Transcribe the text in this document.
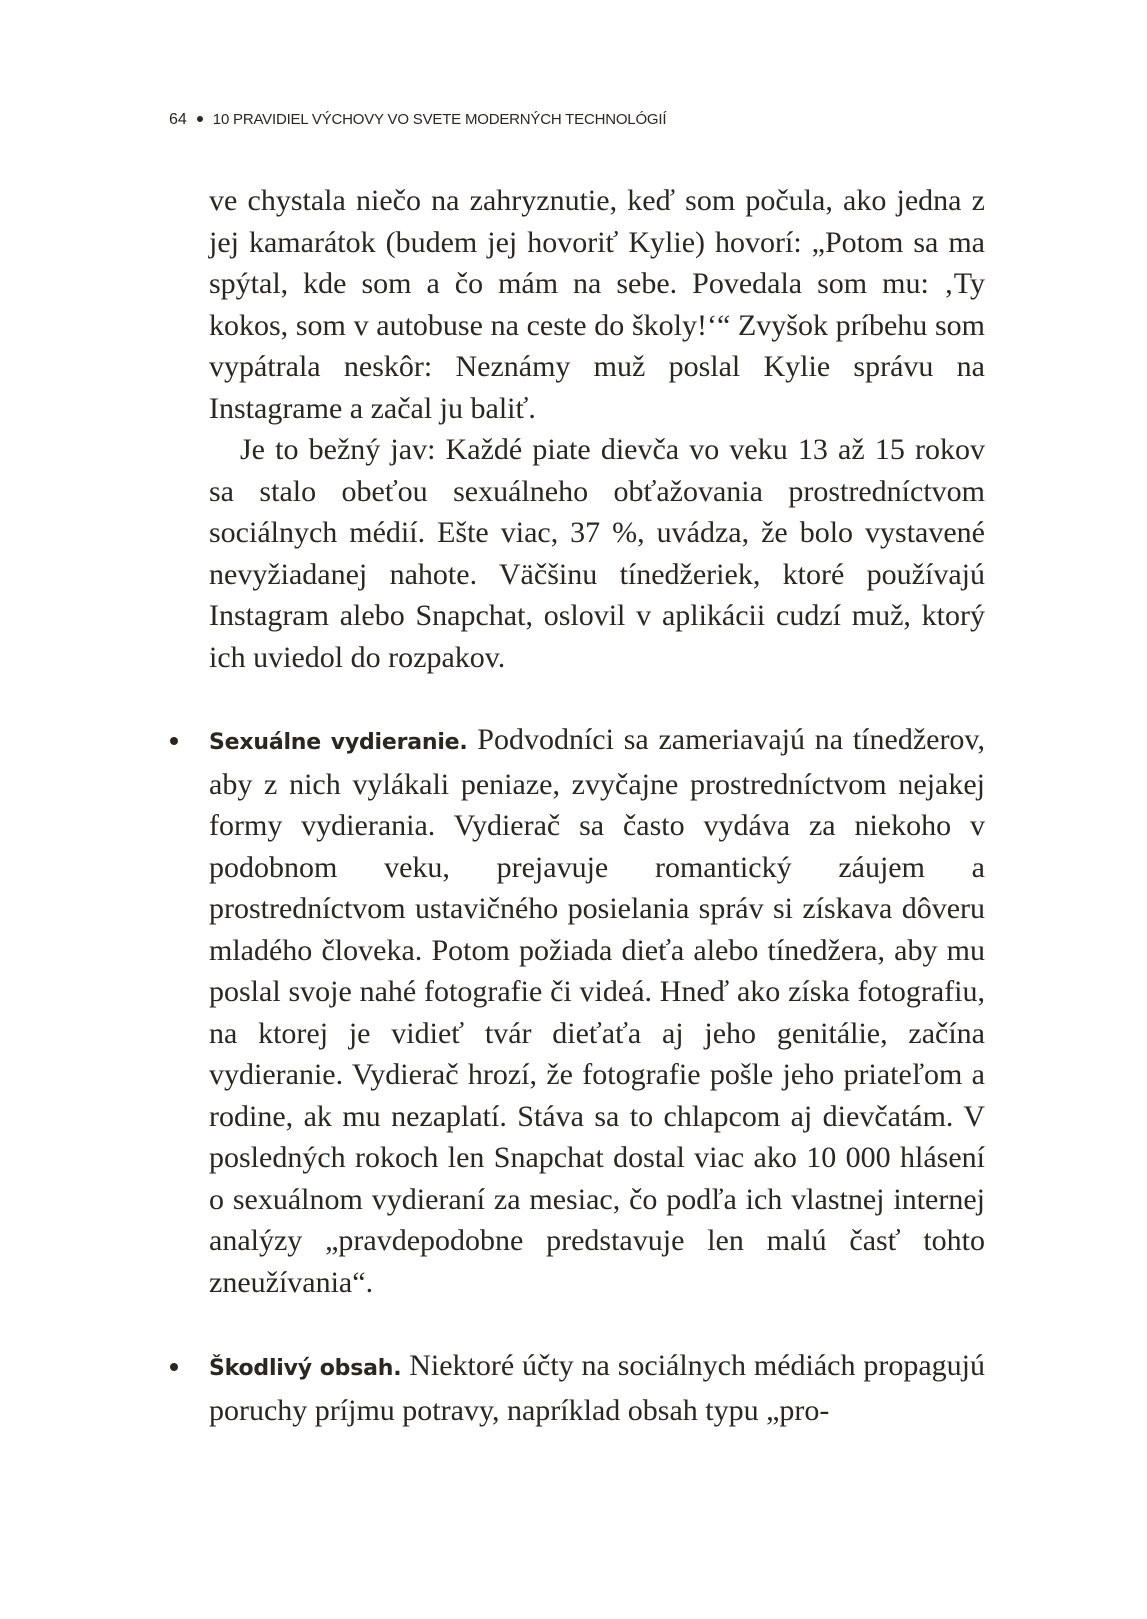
64 10 PRAVIDIEL VÝCHOVY VO SVETE MODERNÝCH TECHNOLÓGIÍ

ve chystala niečo na zahryznutie, keď som počula, ako jedna z jej kamarátok (budem jej hovoriť Kylie) hovorí: „Potom sa ma spýtal, kde som a čo mám na sebe. Povedala som mu: ‚Ty kokos, som v autobuse na ceste do školy!‘“ Zvyšok príbehu som vypátrala neskôr: Neznámy muž poslal Kylie správu na Instagrame a začal ju baliť.

Je to bežný jav: Každé piate dievča vo veku 13 až 15 rokov sa stalo obeťou sexuálneho obťažovania prostredníctvom sociálnych médií. Ešte viac, 37 %, uvádza, že bolo vystavené nevyžiadanej nahote. Väčšinu tínedžeriek, ktoré používajú Instagram alebo Snapchat, oslovil v aplikácii cudzí muž, ktorý ich uviedol do rozpakov.

Sexuálne vydieranie. Podvodníci sa zameriavajú na tínedžerov, aby z nich vylákali peniaze, zvyčajne prostredníctvom nejakej formy vydierania. Vydierač sa často vydáva za niekoho v podobnom veku, prejavuje romantický záujem a prostredníctvom ustavičného posielania správ si získava dôveru mladého človeka. Potom požiada dieťa alebo tínedžera, aby mu poslal svoje nahé fotografie či videá. Hneď ako získa fotografiu, na ktorej je vidieť tvár dieťaťa aj jeho genitálie, začína vydieranie. Vydierač hrozí, že fotografie pošle jeho priateľom a rodine, ak mu nezaplatí. Stáva sa to chlapcom aj dievčatám. V posledných rokoch len Snapchat dostal viac ako 10 000 hlásení o sexuálnom vydieraní za mesiac, čo podľa ich vlastnej internej analýzy „pravdepodobne predstavuje len malú časť tohto zneužívania“.
Škodlivý obsah. Niektoré účty na sociálnych médiách propagujú poruchy príjmu potravy, napríklad obsah typu „pro-
